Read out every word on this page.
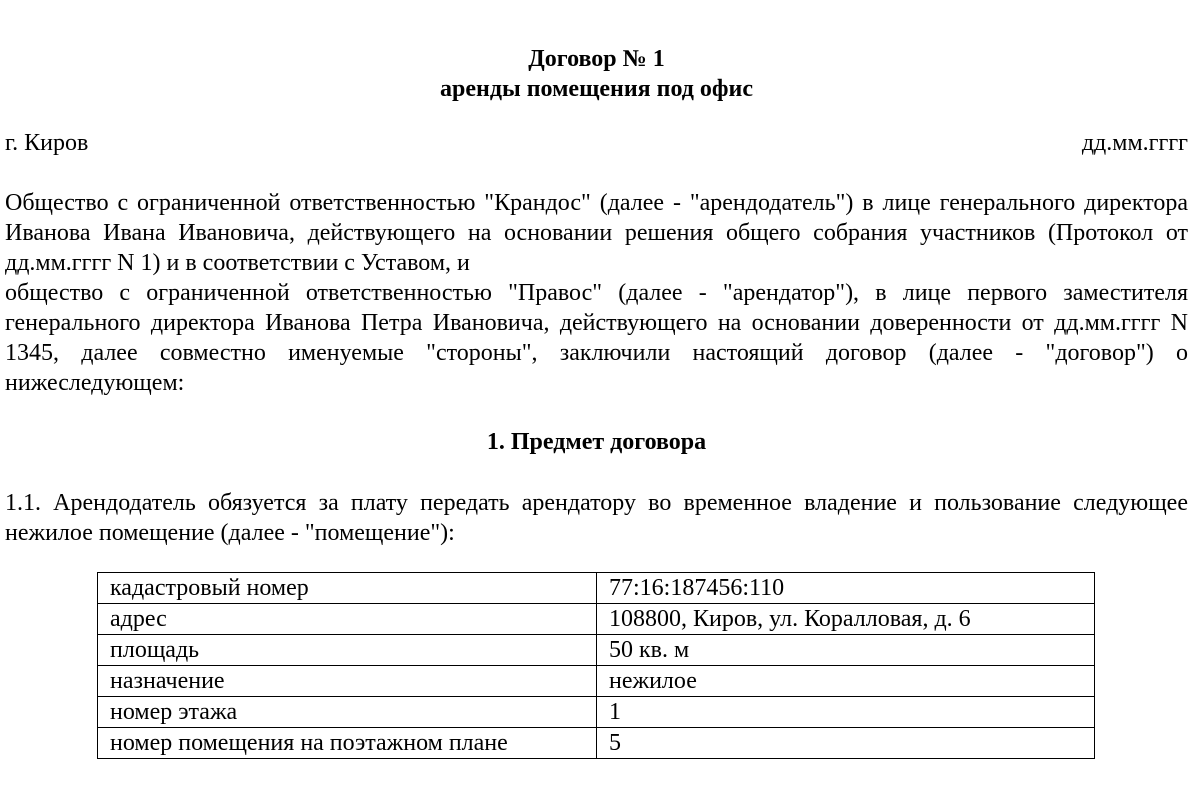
Договор № 1
аренды помещения под офис
г. Киров	дд.мм.гггг

Общество с ограниченной ответственностью "Крандос" (далее - "арендодатель") в лице генерального директора Иванова Ивана Ивановича, действующего на основании решения общего собрания участников (Протокол от дд.мм.гггг N 1) и в соответствии с Уставом, и

общество с ограниченной ответственностью "Правос" (далее - "арендатор"), в лице первого заместителя генерального директора Иванова Петра Ивановича, действующего на основании доверенности от дд.мм.гггг N 1345, далее совместно именуемые "стороны", заключили настоящий договор (далее - "договор") о нижеследующем:

1. Предмет договора

1.1. Арендодатель обязуется за плату передать арендатору во временное владение и пользование следующее нежилое помещение (далее - "помещение"):

кадастровый номер	77:16:187456:110
адрес	108800, Киров, ул. Коралловая, д. 6
площадь	50 кв. м
назначение	нежилое
номер этажа	1
номер помещения на поэтажном плане	5
